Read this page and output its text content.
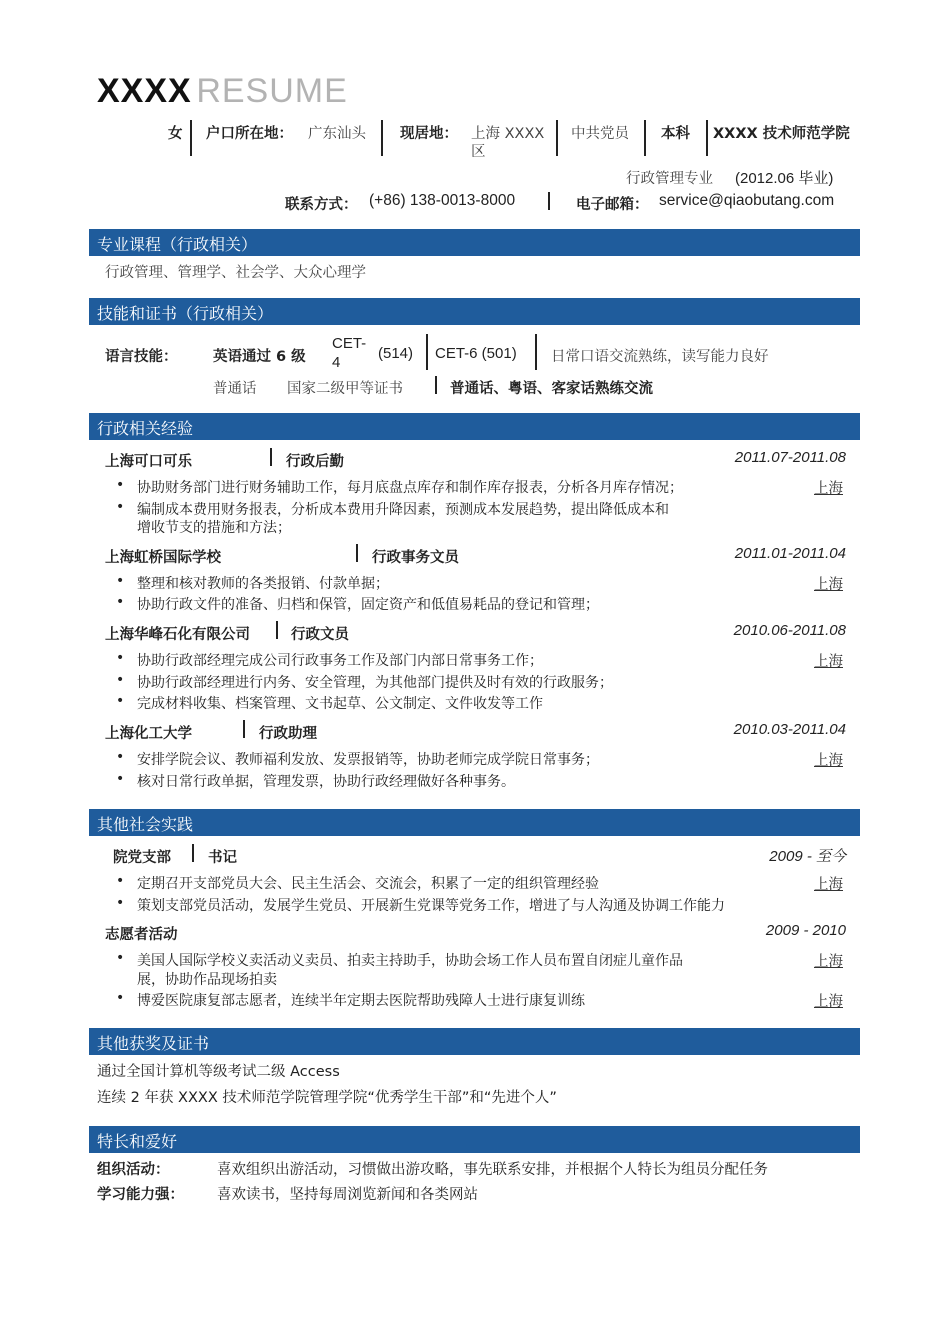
XXXX RESUME
女 户口所在地： 广东汕头 现居地： 上海 XXXX
区
中共党员 本科 XXXX 技术师范学院
行政管理专业 (2012.06 毕业)
联系方式： (+86) 138-0013-8000	电子邮箱： service@qiaobutang.com
专业课程（行政相关）
行政管理、管理学、社会学、大众心理学
技能和证书（行政相关）
语言技能： 英语通过 6 级
CET-
4
(514) CET-6 (501) 日常口语交流熟练，读写能力良好
普通话 国家二级甲等证书	普通话、粤语、客家话熟练交流
行政相关经验
上海可口可乐	行政后勤	2011.07-2011.08
• 协助财务部门进行财务辅助工作，每月底盘点库存和制作库存报表，分析各月库存情况；	上海
• 编制成本费用财务报表，分析成本费用升降因素，预测成本发展趋势，提出降低成本和
增收节支的措施和方法；
上海虹桥国际学校	行政事务文员	2011.01-2011.04
• 整理和核对教师的各类报销、付款单据；	上海
• 协助行政文件的准备、归档和保管，固定资产和低值易耗品的登记和管理；
上海华峰石化有限公司	行政文员	2010.06-2011.08
• 协助行政部经理完成公司行政事务工作及部门内部日常事务工作；	上海
• 协助行政部经理进行内务、安全管理，为其他部门提供及时有效的行政服务；
• 完成材料收集、档案管理、文书起草、公文制定、文件收发等工作
上海化工大学	行政助理	2010.03-2011.04
• 安排学院会议、教师福利发放、发票报销等，协助老师完成学院日常事务；	上海
• 核对日常行政单据，管理发票，协助行政经理做好各种事务。
其他社会实践
院党支部	书记	2009 - 至今
• 定期召开支部党员大会、民主生活会、交流会，积累了一定的组织管理经验	上海
• 策划支部党员活动，发展学生党员、开展新生党课等党务工作，增进了与人沟通及协调工作能力
志愿者活动	2009 - 2010
• 美国人国际学校义卖活动义卖员、拍卖主持助手，协助会场工作人员布置自闭症儿童作品	上海
展，协助作品现场拍卖
• 博爱医院康复部志愿者，连续半年定期去医院帮助残障人士进行康复训练	上海
其他获奖及证书
通过全国计算机等级考试二级 Access
连续 2 年获 XXXX 技术师范学院管理学院“优秀学生干部”和“先进个人”
特长和爱好
组织活动：	喜欢组织出游活动，习惯做出游攻略，事先联系安排，并根据个人特长为组员分配任务
学习能力强： 喜欢读书，坚持每周浏览新闻和各类网站
